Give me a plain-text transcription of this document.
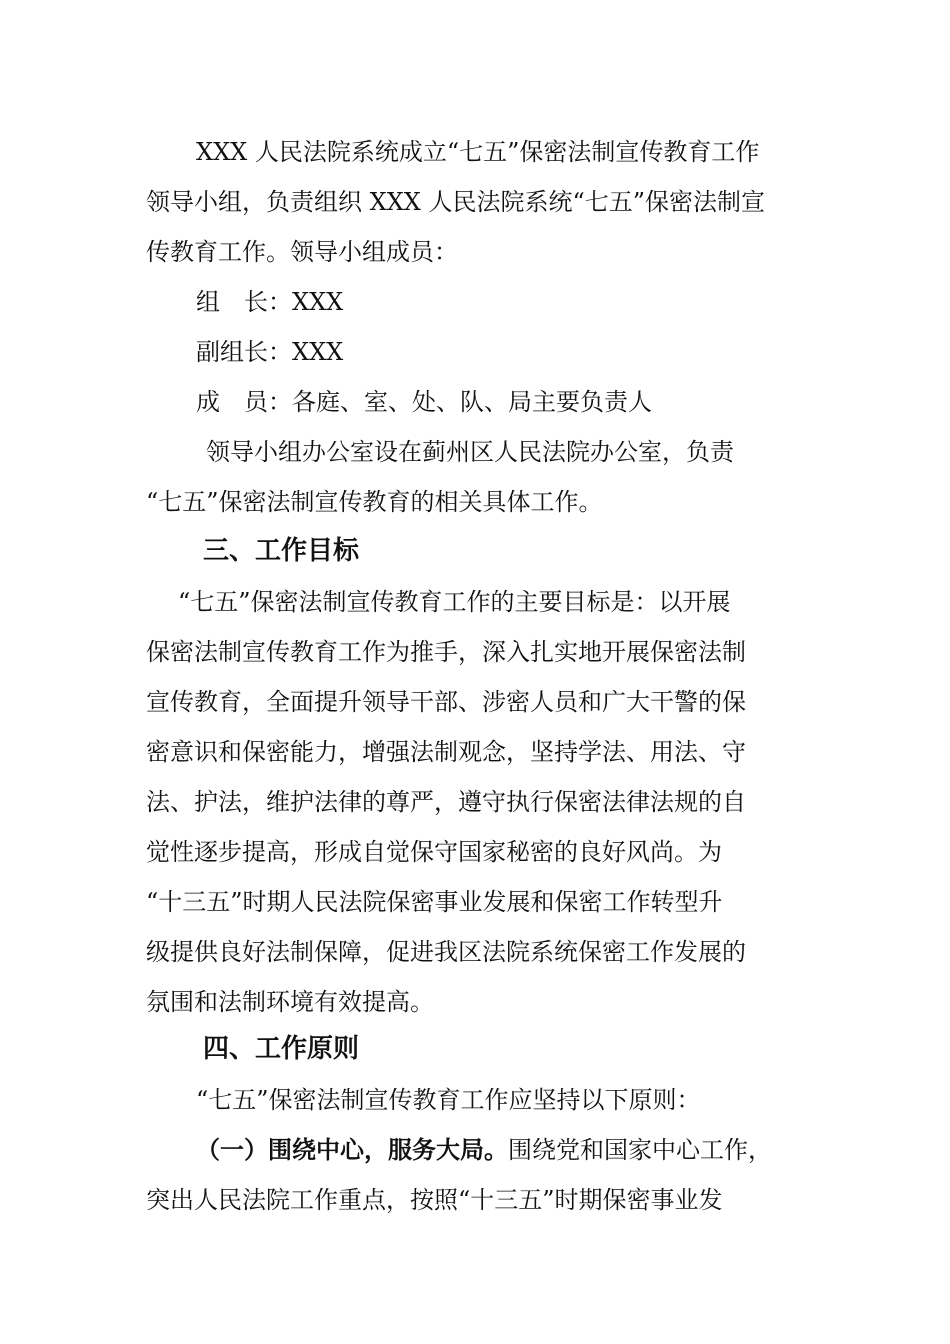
XXX 人民法院系统成立“七五”保密法制宣传教育工作
领导小组，负责组织 XXX 人民法院系统“七五”保密法制宣
传教育工作。领导小组成员：
组　长：XXX
副组长：XXX
成　员：各庭、室、处、队、局主要负责人
领导小组办公室设在蓟州区人民法院办公室，负责
“七五”保密法制宣传教育的相关具体工作。
三、工作目标
“七五”保密法制宣传教育工作的主要目标是：以开展
保密法制宣传教育工作为推手，深入扎实地开展保密法制
宣传教育，全面提升领导干部、涉密人员和广大干警的保
密意识和保密能力，增强法制观念，坚持学法、用法、守
法、护法，维护法律的尊严，遵守执行保密法律法规的自
觉性逐步提高，形成自觉保守国家秘密的良好风尚。为
“十三五”时期人民法院保密事业发展和保密工作转型升
级提供良好法制保障，促进我区法院系统保密工作发展的
氛围和法制环境有效提高。
四、工作原则
“七五”保密法制宣传教育工作应坚持以下原则：
（一）围绕中心，服务大局。围绕党和国家中心工作，
突出人民法院工作重点，按照“十三五”时期保密事业发
